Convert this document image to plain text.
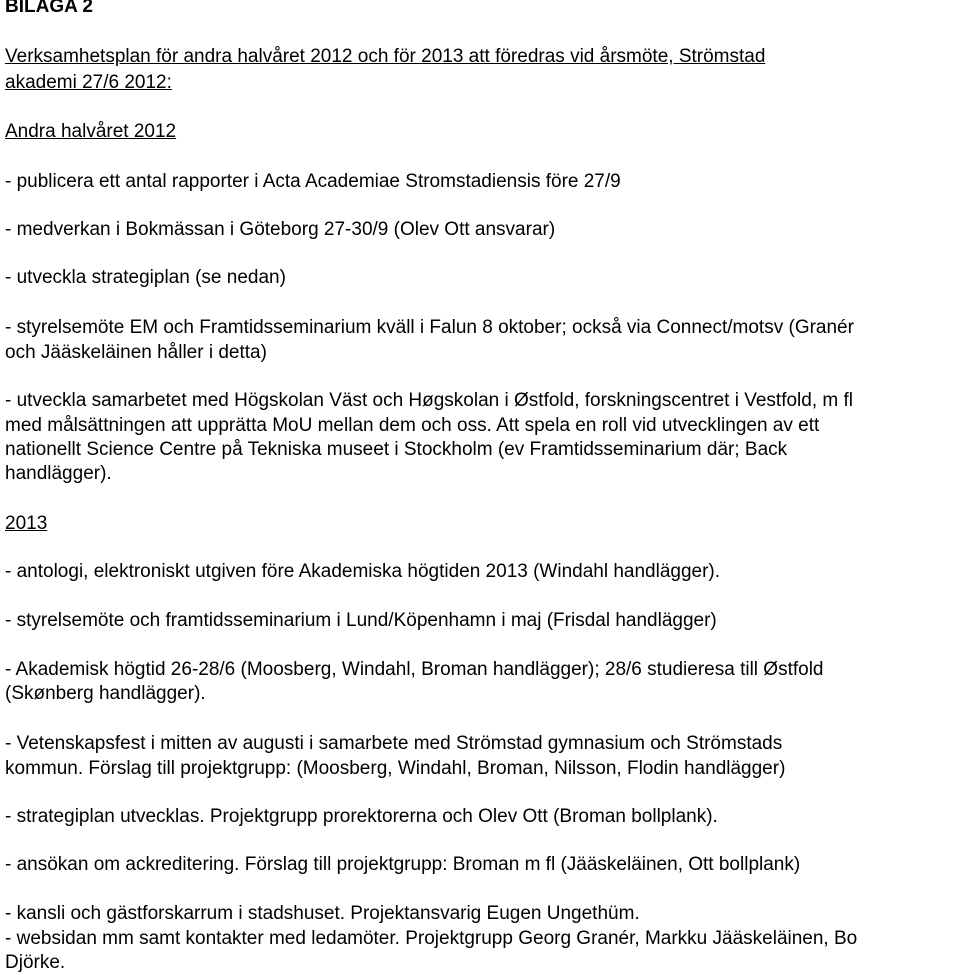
BILAGA 2
Verksamhetsplan för andra halvåret 2012 och för 2013 att föredras vid årsmöte, Strömstad
akademi 27/6 2012:
Andra halvåret 2012
- publicera ett antal rapporter i Acta Academiae Stromstadiensis före 27/9
- medverkan i Bokmässan i Göteborg 27-30/9 (Olev Ott ansvarar)
- utveckla strategiplan (se nedan)
- styrelsemöte EM och Framtidsseminarium kväll i Falun 8 oktober; också via Connect/motsv (Granér
och Jääskeläinen håller i detta)
- utveckla samarbetet med Högskolan Väst och Høgskolan i Østfold, forskningscentret i Vestfold, m fl
med målsättningen att upprätta MoU mellan dem och oss. Att spela en roll vid utvecklingen av ett
nationellt Science Centre på Tekniska museet i Stockholm (ev Framtidsseminarium där; Back
handlägger).
2013
- antologi, elektroniskt utgiven före Akademiska högtiden 2013 (Windahl handlägger).
- styrelsemöte och framtidsseminarium i Lund/Köpenhamn i maj (Frisdal handlägger)
- Akademisk högtid 26-28/6 (Moosberg, Windahl, Broman handlägger); 28/6 studieresa till Østfold
(Skønberg handlägger).
- Vetenskapsfest i mitten av augusti i samarbete med Strömstad gymnasium och Strömstads
kommun. Förslag till projektgrupp: (Moosberg, Windahl, Broman, Nilsson, Flodin handlägger)
- strategiplan utvecklas. Projektgrupp prorektorerna och Olev Ott (Broman bollplank).
- ansökan om ackreditering. Förslag till projektgrupp: Broman m fl (Jääskeläinen, Ott bollplank)
- kansli och gästforskarrum i stadshuset. Projektansvarig Eugen Ungethüm.
- websidan mm samt kontakter med ledamöter. Projektgrupp Georg Granér, Markku Jääskeläinen, Bo
Djörke.
